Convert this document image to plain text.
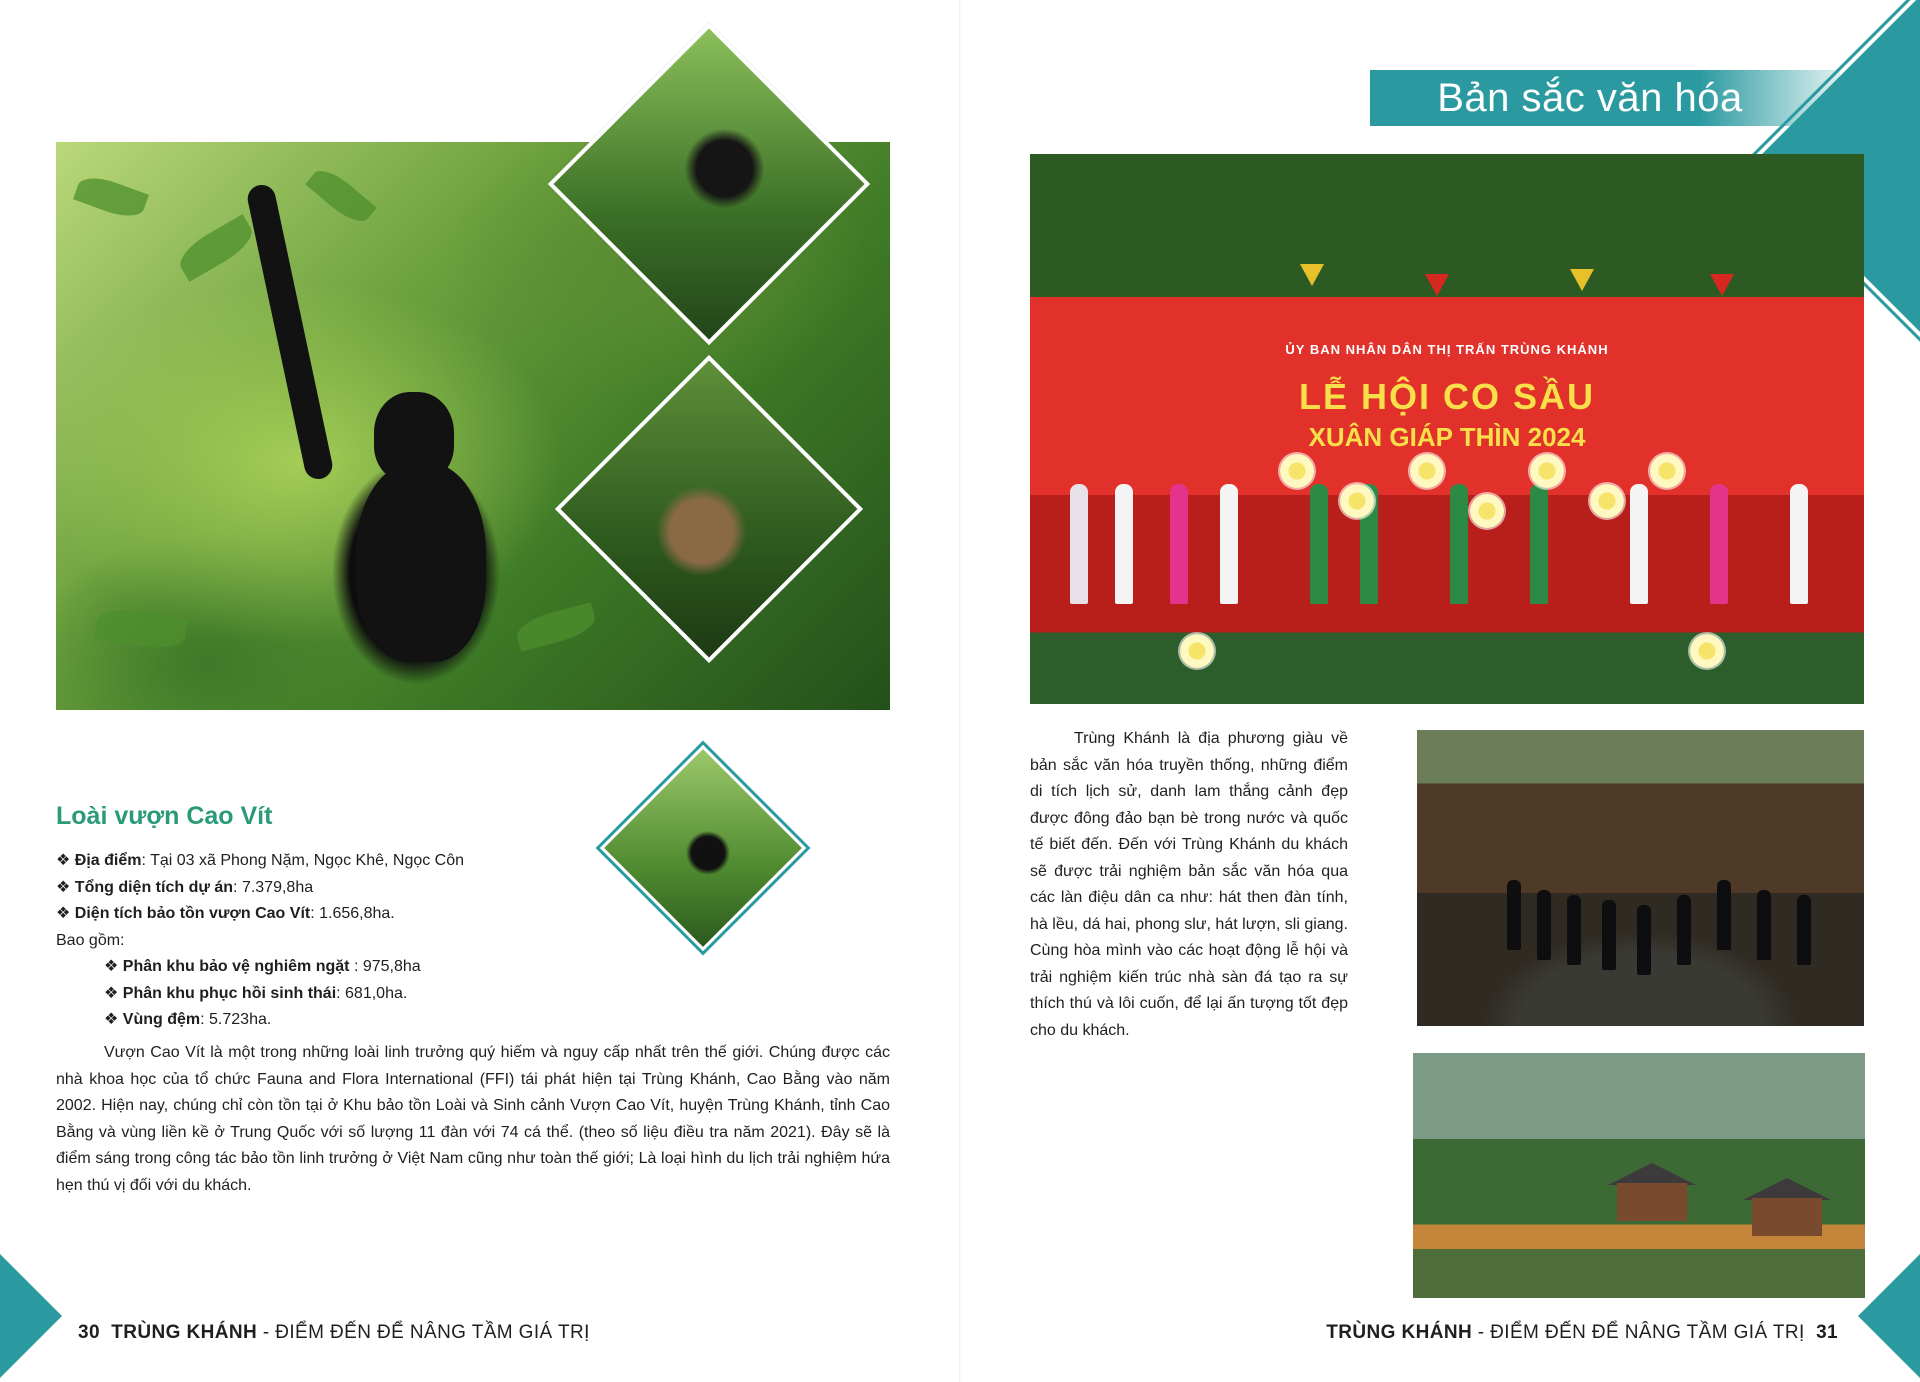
Loài vượn Cao Vít
❖ Địa điểm: Tại 03 xã Phong Nặm, Ngọc Khê, Ngọc Côn
❖ Tổng diện tích dự án: 7.379,8ha
❖ Diện tích bảo tồn vượn Cao Vít: 1.656,8ha.
Bao gồm:
❖ Phân khu bảo vệ nghiêm ngặt : 975,8ha
❖ Phân khu phục hồi sinh thái: 681,0ha.
❖ Vùng đệm: 5.723ha.

Vượn Cao Vít là một trong những loài linh trưởng quý hiếm và nguy cấp nhất trên thế giới. Chúng được các nhà khoa học của tổ chức Fauna and Flora International (FFI) tái phát hiện tại Trùng Khánh, Cao Bằng vào năm 2002. Hiện nay, chúng chỉ còn tồn tại ở Khu bảo tồn Loài và Sinh cảnh Vượn Cao Vít, huyện Trùng Khánh, tỉnh Cao Bằng và vùng liền kề ở Trung Quốc với số lượng 11 đàn với 74 cá thể. (theo số liệu điều tra năm 2021). Đây sẽ là điểm sáng trong công tác bảo tồn linh trưởng ở Việt Nam cũng như toàn thế giới; Là loại hình du lịch trải nghiệm hứa hẹn thú vị đối với du khách.

30 TRÙNG KHÁNH - ĐIỂM ĐẾN ĐỂ NÂNG TẦM GIÁ TRỊ
Bản sắc văn hóa
ỦY BAN NHÂN DÂN THỊ TRẤN TRÙNG KHÁNH
LỄ HỘI CO SẦU
XUÂN GIÁP THÌN 2024

Trùng Khánh là địa phương giàu về bản sắc văn hóa truyền thống, những điểm di tích lịch sử, danh lam thắng cảnh đẹp được đông đảo bạn bè trong nước và quốc tế biết đến. Đến với Trùng Khánh du khách sẽ được trải nghiệm bản sắc văn hóa qua các làn điệu dân ca như: hát then đàn tính, hà lều, dá hai, phong slư, hát lượn, sli giang. Cùng hòa mình vào các hoạt động lễ hội và trải nghiệm kiến trúc nhà sàn đá tạo ra sự thích thú và lôi cuốn, để lại ấn tượng tốt đẹp cho du khách.

TRÙNG KHÁNH - ĐIỂM ĐẾN ĐỂ NÂNG TẦM GIÁ TRỊ 31
